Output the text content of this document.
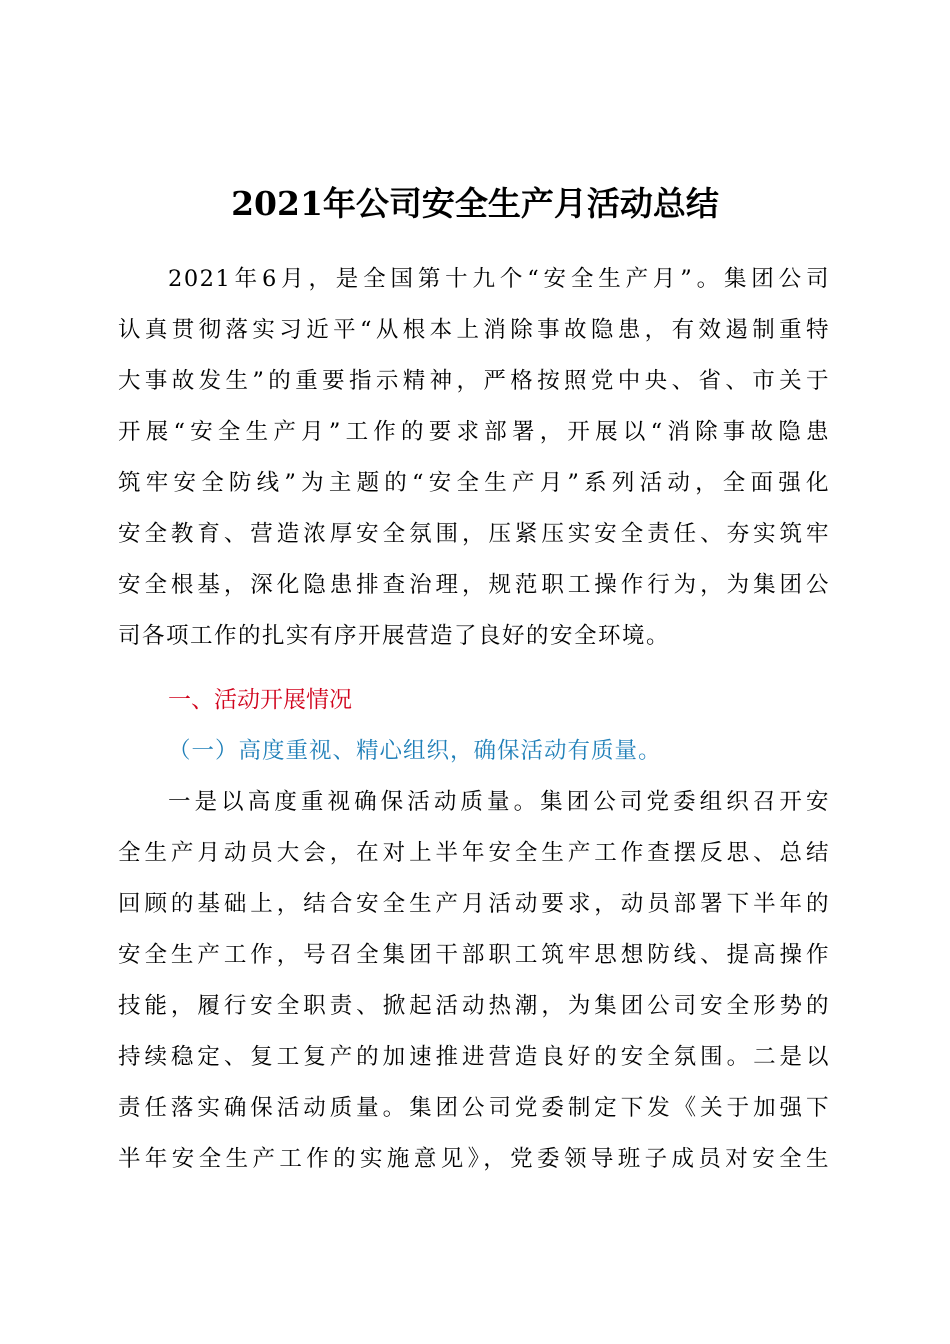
2021年公司安全生产月活动总结
2021年6月，是全国第十九个“安全生产月”。集团公司
认真贯彻落实习近平“从根本上消除事故隐患，有效遏制重特
大事故发生”的重要指示精神，严格按照党中央、省、市关于
开展“安全生产月”工作的要求部署，开展以“消除事故隐患
筑牢安全防线”为主题的“安全生产月”系列活动，全面强化
安全教育、营造浓厚安全氛围，压紧压实安全责任、夯实筑牢
安全根基，深化隐患排查治理，规范职工操作行为，为集团公
司各项工作的扎实有序开展营造了良好的安全环境。
一、活动开展情况
（一）高度重视、精心组织，确保活动有质量。
一是以高度重视确保活动质量。集团公司党委组织召开安
全生产月动员大会，在对上半年安全生产工作查摆反思、总结
回顾的基础上，结合安全生产月活动要求，动员部署下半年的
安全生产工作，号召全集团干部职工筑牢思想防线、提高操作
技能，履行安全职责、掀起活动热潮，为集团公司安全形势的
持续稳定、复工复产的加速推进营造良好的安全氛围。二是以
责任落实确保活动质量。集团公司党委制定下发《关于加强下
半年安全生产工作的实施意见》，党委领导班子成员对安全生
